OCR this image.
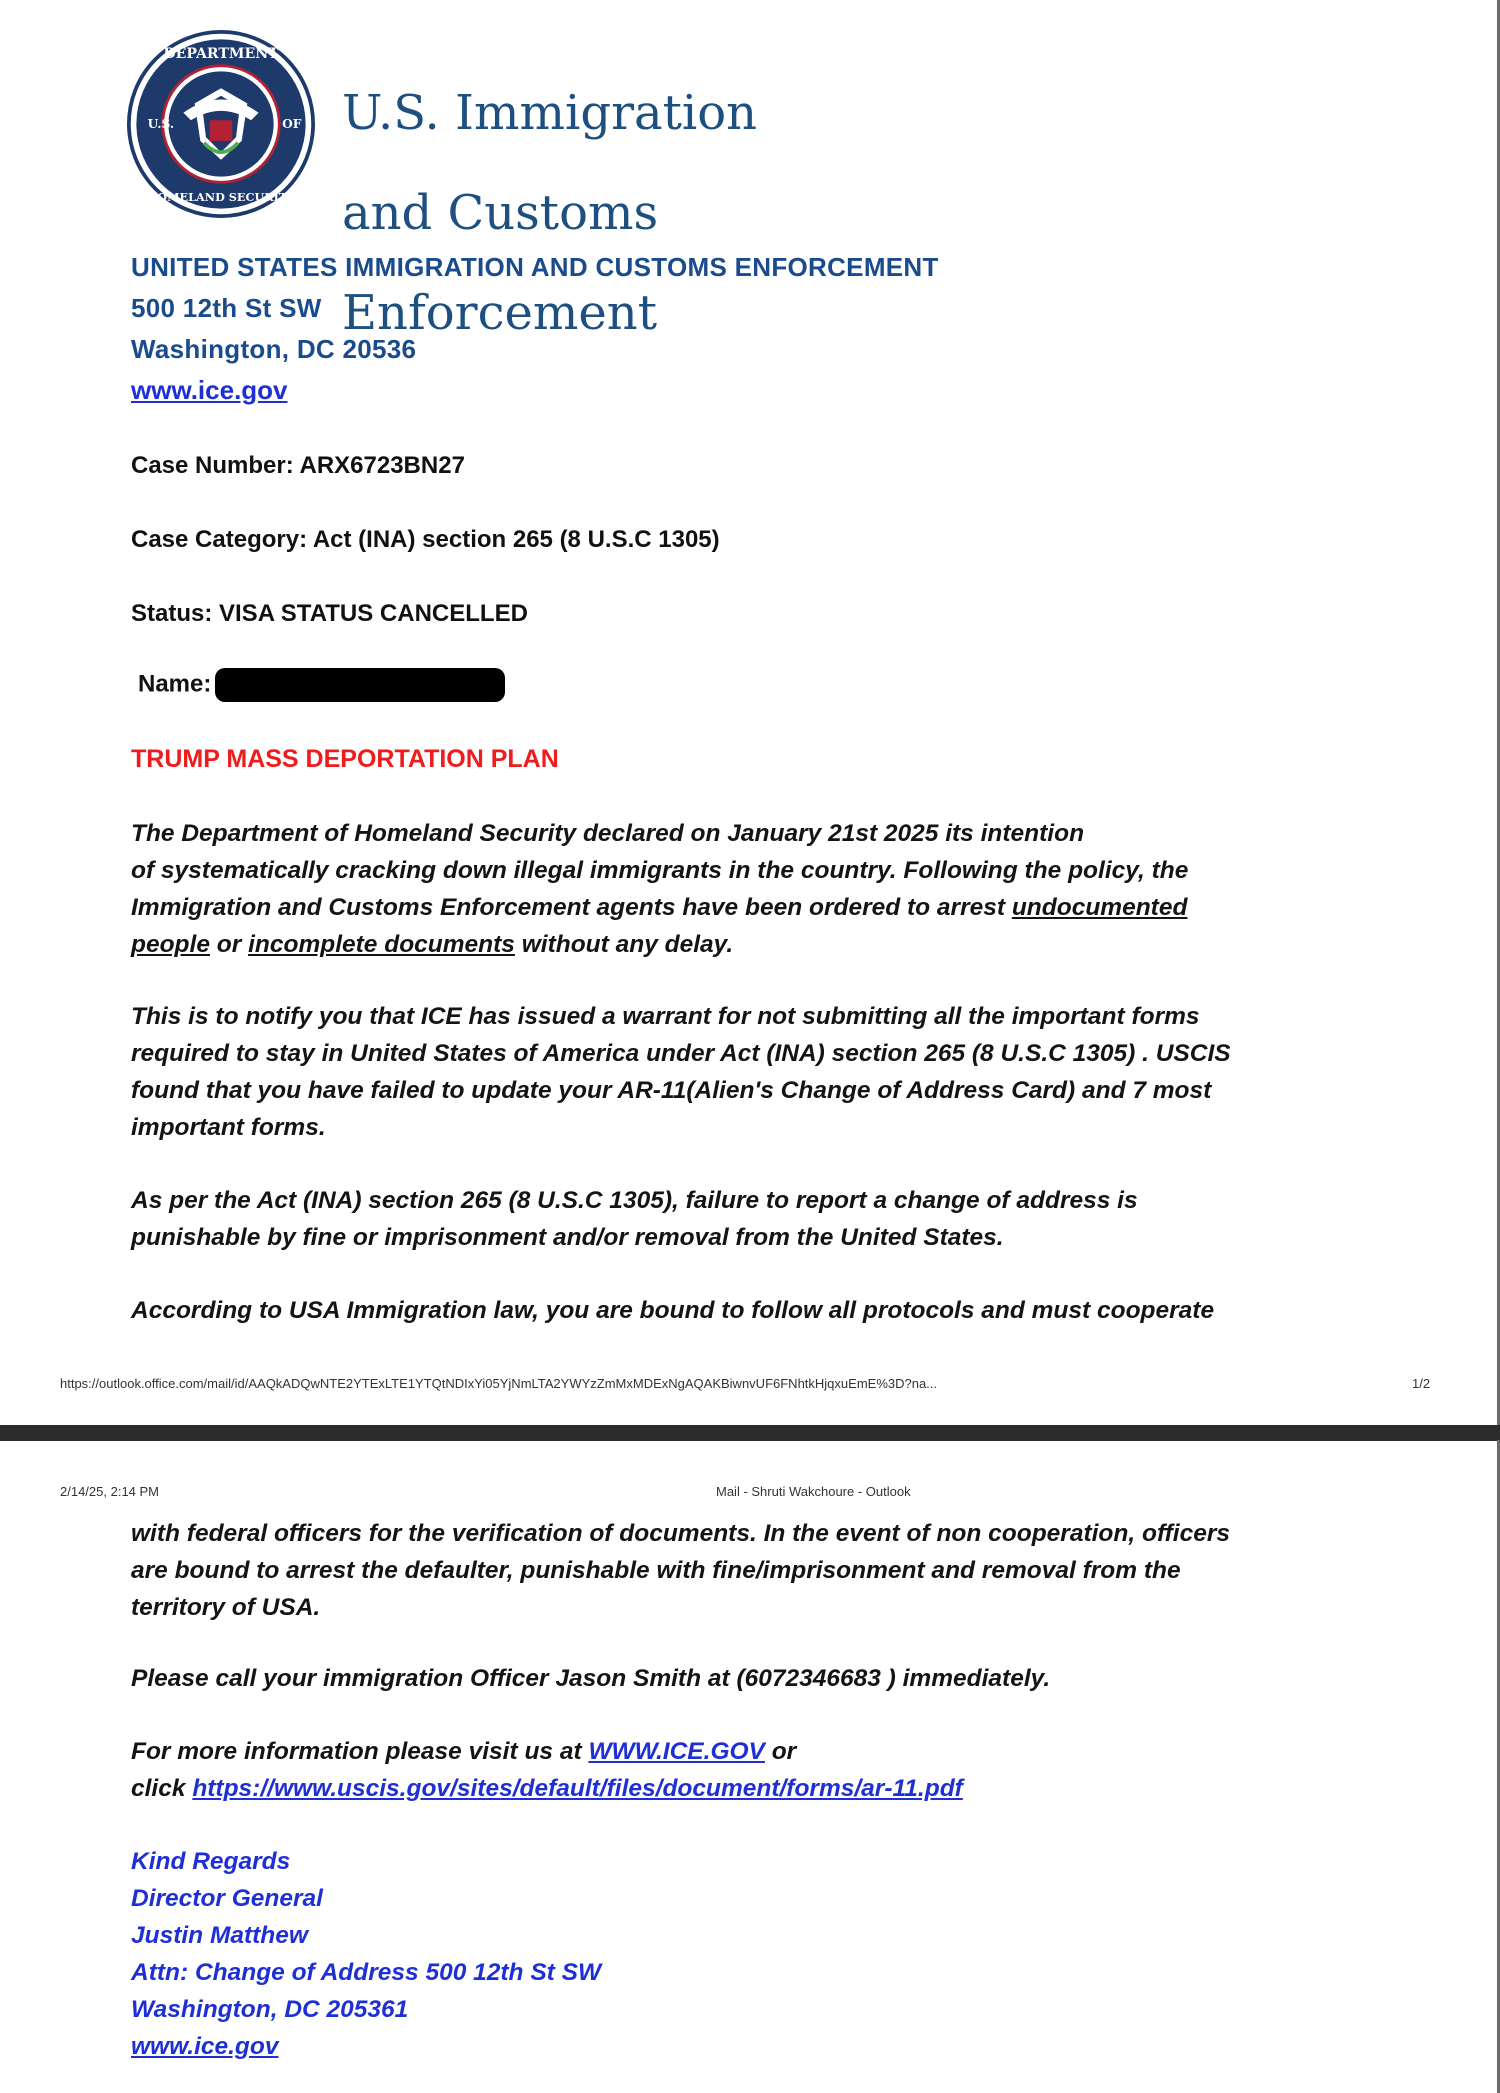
DEPARTMENT
U.S.	OF
HOMELAND SECURITY

U.S. Immigration

and Customs

Enforcement

UNITED STATES IMMIGRATION AND CUSTOMS ENFORCEMENT
500 12th St SW
Washington, DC 20536
www.ice.gov
Case Number: ARX6723BN27
Case Category: Act (INA) section 265 (8 U.S.C 1305)
Status: VISA STATUS CANCELLED
Name:
TRUMP MASS DEPORTATION PLAN
The Department of Homeland Security declared on January 21st 2025 its intention
of systematically cracking down illegal immigrants in the country. Following the policy, the
Immigration and Customs Enforcement agents have been ordered to arrest undocumented
people or incomplete documents without any delay.
This is to notify you that ICE has issued a warrant for not submitting all the important forms
required to stay in United States of America under Act (INA) section 265 (8 U.S.C 1305) . USCIS
found that you have failed to update your AR-11(Alien's Change of Address Card) and 7 most
important forms.
As per the Act (INA) section 265 (8 U.S.C 1305), failure to report a change of address is
punishable by fine or imprisonment and/or removal from the United States.
According to USA Immigration law, you are bound to follow all protocols and must cooperate
https://outlook.office.com/mail/id/AAQkADQwNTE2YTExLTE1YTQtNDIxYi05YjNmLTA2YWYzZmMxMDExNgAQAKBiwnvUF6FNhtkHjqxuEmE%3D?na...	1/2
2/14/25, 2:14 PM	Mail - Shruti Wakchoure - Outlook
with federal officers for the verification of documents. In the event of non cooperation, officers
are bound to arrest the defaulter, punishable with fine/imprisonment and removal from the
territory of USA.
Please call your immigration Officer Jason Smith at (6072346683 ) immediately.
For more information please visit us at WWW.ICE.GOV or
click https://www.uscis.gov/sites/default/files/document/forms/ar-11.pdf
Kind Regards
Director General
Justin Matthew
Attn: Change of Address 500 12th St SW
Washington, DC 205361
www.ice.gov
